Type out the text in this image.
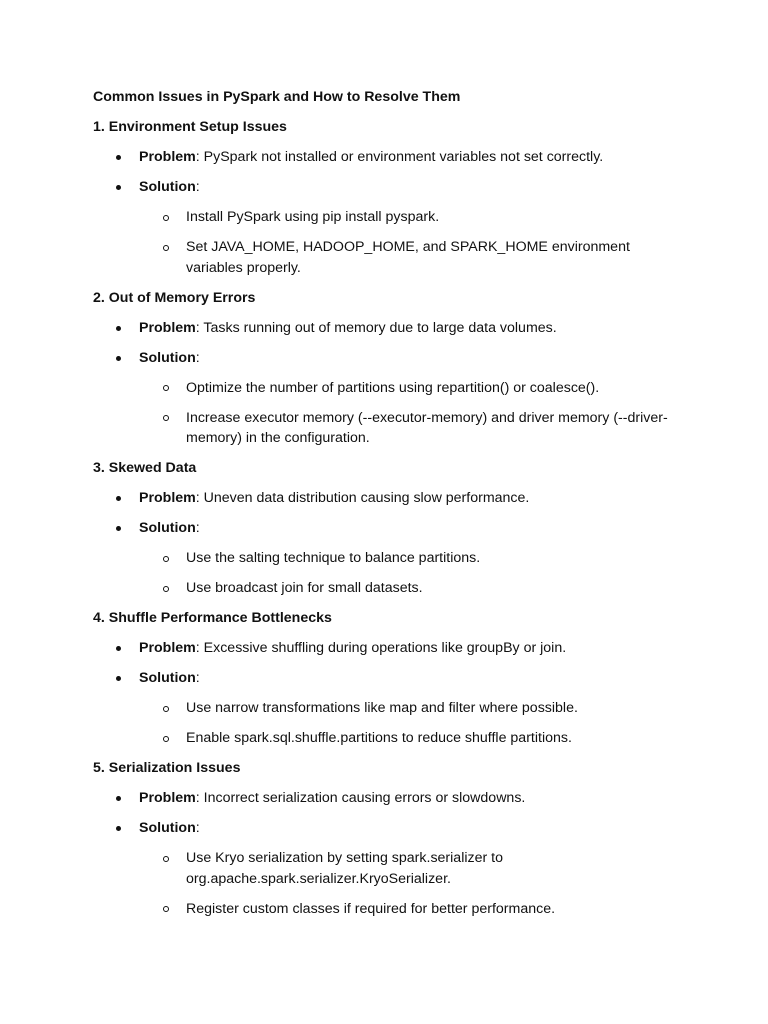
Common Issues in PySpark and How to Resolve Them
1. Environment Setup Issues
Problem: PySpark not installed or environment variables not set correctly.
Solution:
Install PySpark using pip install pyspark.
Set JAVA_HOME, HADOOP_HOME, and SPARK_HOME environment variables properly.
2. Out of Memory Errors
Problem: Tasks running out of memory due to large data volumes.
Solution:
Optimize the number of partitions using repartition() or coalesce().
Increase executor memory (--executor-memory) and driver memory (--driver-memory) in the configuration.
3. Skewed Data
Problem: Uneven data distribution causing slow performance.
Solution:
Use the salting technique to balance partitions.
Use broadcast join for small datasets.
4. Shuffle Performance Bottlenecks
Problem: Excessive shuffling during operations like groupBy or join.
Solution:
Use narrow transformations like map and filter where possible.
Enable spark.sql.shuffle.partitions to reduce shuffle partitions.
5. Serialization Issues
Problem: Incorrect serialization causing errors or slowdowns.
Solution:
Use Kryo serialization by setting spark.serializer to org.apache.spark.serializer.KryoSerializer.
Register custom classes if required for better performance.
